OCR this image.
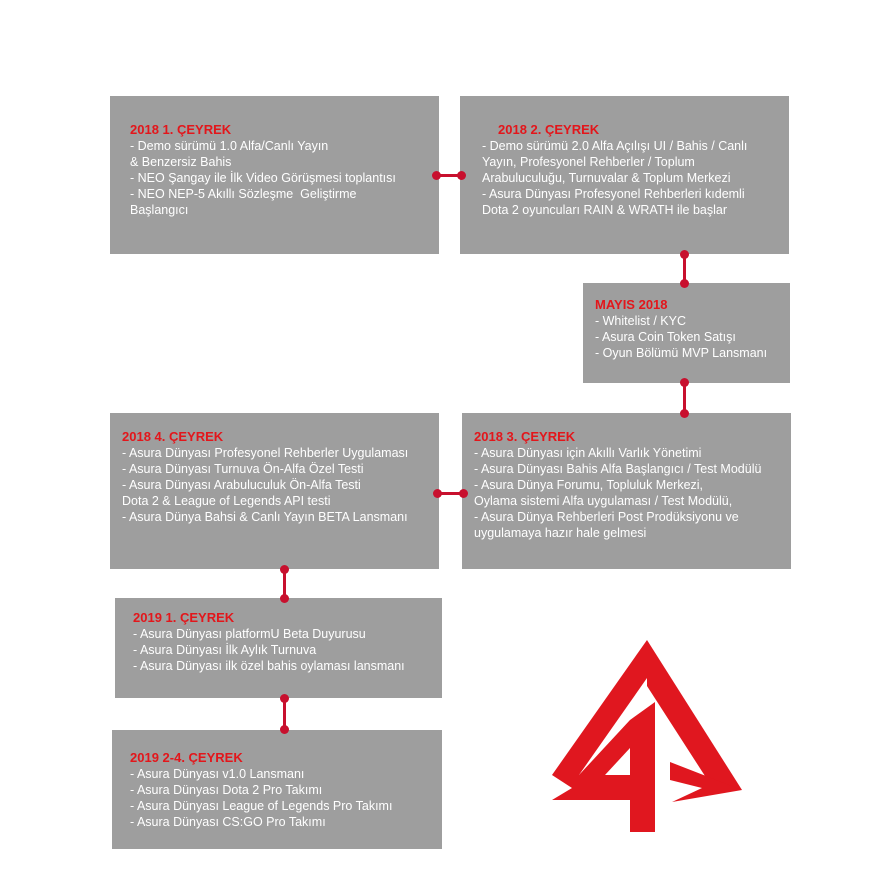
2018 1. ÇEYREK
- Demo sürümü 1.0 Alfa/Canlı Yayın
& Benzersiz Bahis
- NEO Şangay ile İlk Video Görüşmesi toplantısı
- NEO NEP-5 Akıllı Sözleşme  Geliştirme
Başlangıcı
2018 2. ÇEYREK
- Demo sürümü 2.0 Alfa Açılışı UI / Bahis / Canlı
Yayın, Profesyonel Rehberler / Toplum
Arabuluculuğu, Turnuvalar & Toplum Merkezi
- Asura Dünyası Profesyonel Rehberleri kıdemli
Dota 2 oyuncuları RAIN & WRATH ile başlar
MAYIS 2018
- Whitelist / KYC
- Asura Coin Token Satışı
- Oyun Bölümü MVP Lansmanı
2018 3. ÇEYREK
- Asura Dünyası için Akıllı Varlık Yönetimi
- Asura Dünyası Bahis Alfa Başlangıcı / Test Modülü
- Asura Dünya Forumu, Topluluk Merkezi,
Oylama sistemi Alfa uygulaması / Test Modülü,
- Asura Dünya Rehberleri Post Prodüksiyonu ve
uygulamaya hazır hale gelmesi
2018 4. ÇEYREK
- Asura Dünyası Profesyonel Rehberler Uygulaması
- Asura Dünyası Turnuva Ön-Alfa Özel Testi
- Asura Dünyası Arabuluculuk Ön-Alfa Testi
Dota 2 & League of Legends API testi
- Asura Dünya Bahsi & Canlı Yayın BETA Lansmanı
2019 1. ÇEYREK
- Asura Dünyası platformU Beta Duyurusu
- Asura Dünyası İlk Aylık Turnuva
- Asura Dünyası ilk özel bahis oylaması lansmanı
2019 2-4. ÇEYREK
- Asura Dünyası v1.0 Lansmanı
- Asura Dünyası Dota 2 Pro Takımı
- Asura Dünyası League of Legends Pro Takımı
- Asura Dünyası CS:GO Pro Takımı
